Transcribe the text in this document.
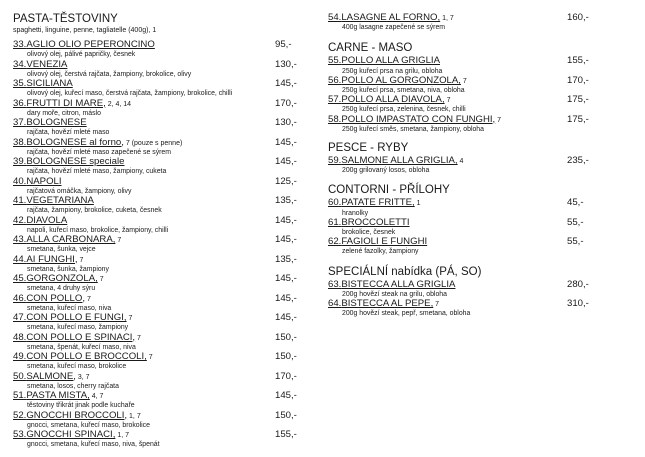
PASTA-TĚSTOVINY
spaghetti, linguine, penne, tagliatelle (400g), 1
33.AGLIO OLIO PEPERONCINO	95,-
olivový olej, pálivé papričky, česnek
34.VENEZIA	130,-
olivový olej, čerstvá rajčata, žampiony, brokolice, olivy
35.SICILIANA	145,-
olivový olej, kuřecí maso, čerstvá rajčata, žampiony, brokolice, chilli
36.FRUTTI DI MARE, 2, 4, 14	170,-
dary moře, citron, máslo
37.BOLOGNESE	130,-
rajčata, hovězí mleté maso
38.BOLOGNESE al forno, 7 (pouze s penne)	145,-
rajčata, hovězí mleté maso zapečené se sýrem
39.BOLOGNESE speciale	145,-
rajčata, hovězí mleté maso, žampiony, cuketa
40.NAPOLI	125,-
rajčatová omáčka, žampiony, olivy
41.VEGETARIANA	135,-
rajčata, žampiony, brokolice, cuketa, česnek
42.DIAVOLA	145,-
napoli, kuřecí maso, brokolice, žampiony, chilli
43.ALLA CARBONARA, 7	145,-
smetana, šunka, vejce
44.AI FUNGHI, 7	135,-
smetana, šunka, žampiony
45.GORGONZOLA, 7	145,-
smetana, 4 druhy sýru
46.CON POLLO, 7	145,-
smetana, kuřecí maso, niva
47.CON POLLO E FUNGI, 7	145,-
smetana, kuřecí maso, žampiony
48.CON POLLO E SPINACI, 7	150,-
smetana, špenát, kuřecí maso, niva
49.CON POLLO E BROCCOLI, 7	150,-
smetana, kuřecí maso, brokolice
50.SALMONE, 3, 7	170,-
smetana, losos, cherry rajčata
51.PASTA MISTA, 4, 7	145,-
těstoviny třikrát jinak podle kuchaře
52.GNOCCHI BROCCOLI, 1, 7	150,-
gnocci, smetana, kuřecí maso, brokolice
53.GNOCCHI SPINACI, 1, 7	155,-
gnocci, smetana, kuřecí maso, niva, špenát
54.LASAGNE AL FORNO, 1, 7	160,-
400g lasagne zapečené se sýrem
CARNE - MASO
55.POLLO ALLA GRIGLIA	155,-
250g kuřecí prsa na grilu, obloha
56.POLLO AL GORGONZOLA, 7	170,-
250g kuřecí prsa, smetana, niva, obloha
57.POLLO ALLA DIAVOLA, 7	175,-
250g kuřecí prsa, zelenina, česnek, chilli
58.POLLO IMPASTATO CON FUNGHI, 7	175,-
250g kuřecí směs, smetana, žampiony, obloha
PESCE - RYBY
59.SALMONE ALLA GRIGLIA, 4	235,-
200g grilovaný losos, obloha
CONTORNI - PŘÍLOHY
60.PATATE FRITTE, 1	45,-
hranolky
61.BROCCOLETTI	55,-
brokolice, česnek
62.FAGIOLI E FUNGHI	55,-
zelené fazolky, žampiony
SPECIÁLNÍ nabídka (PÁ, SO)
63.BISTECCA ALLA GRIGLIA	280,-
200g hovězí steak na grilu, obloha
64.BISTECCA AL PEPE, 7	310,-
200g hovězí steak, pepř, smetana, obloha
